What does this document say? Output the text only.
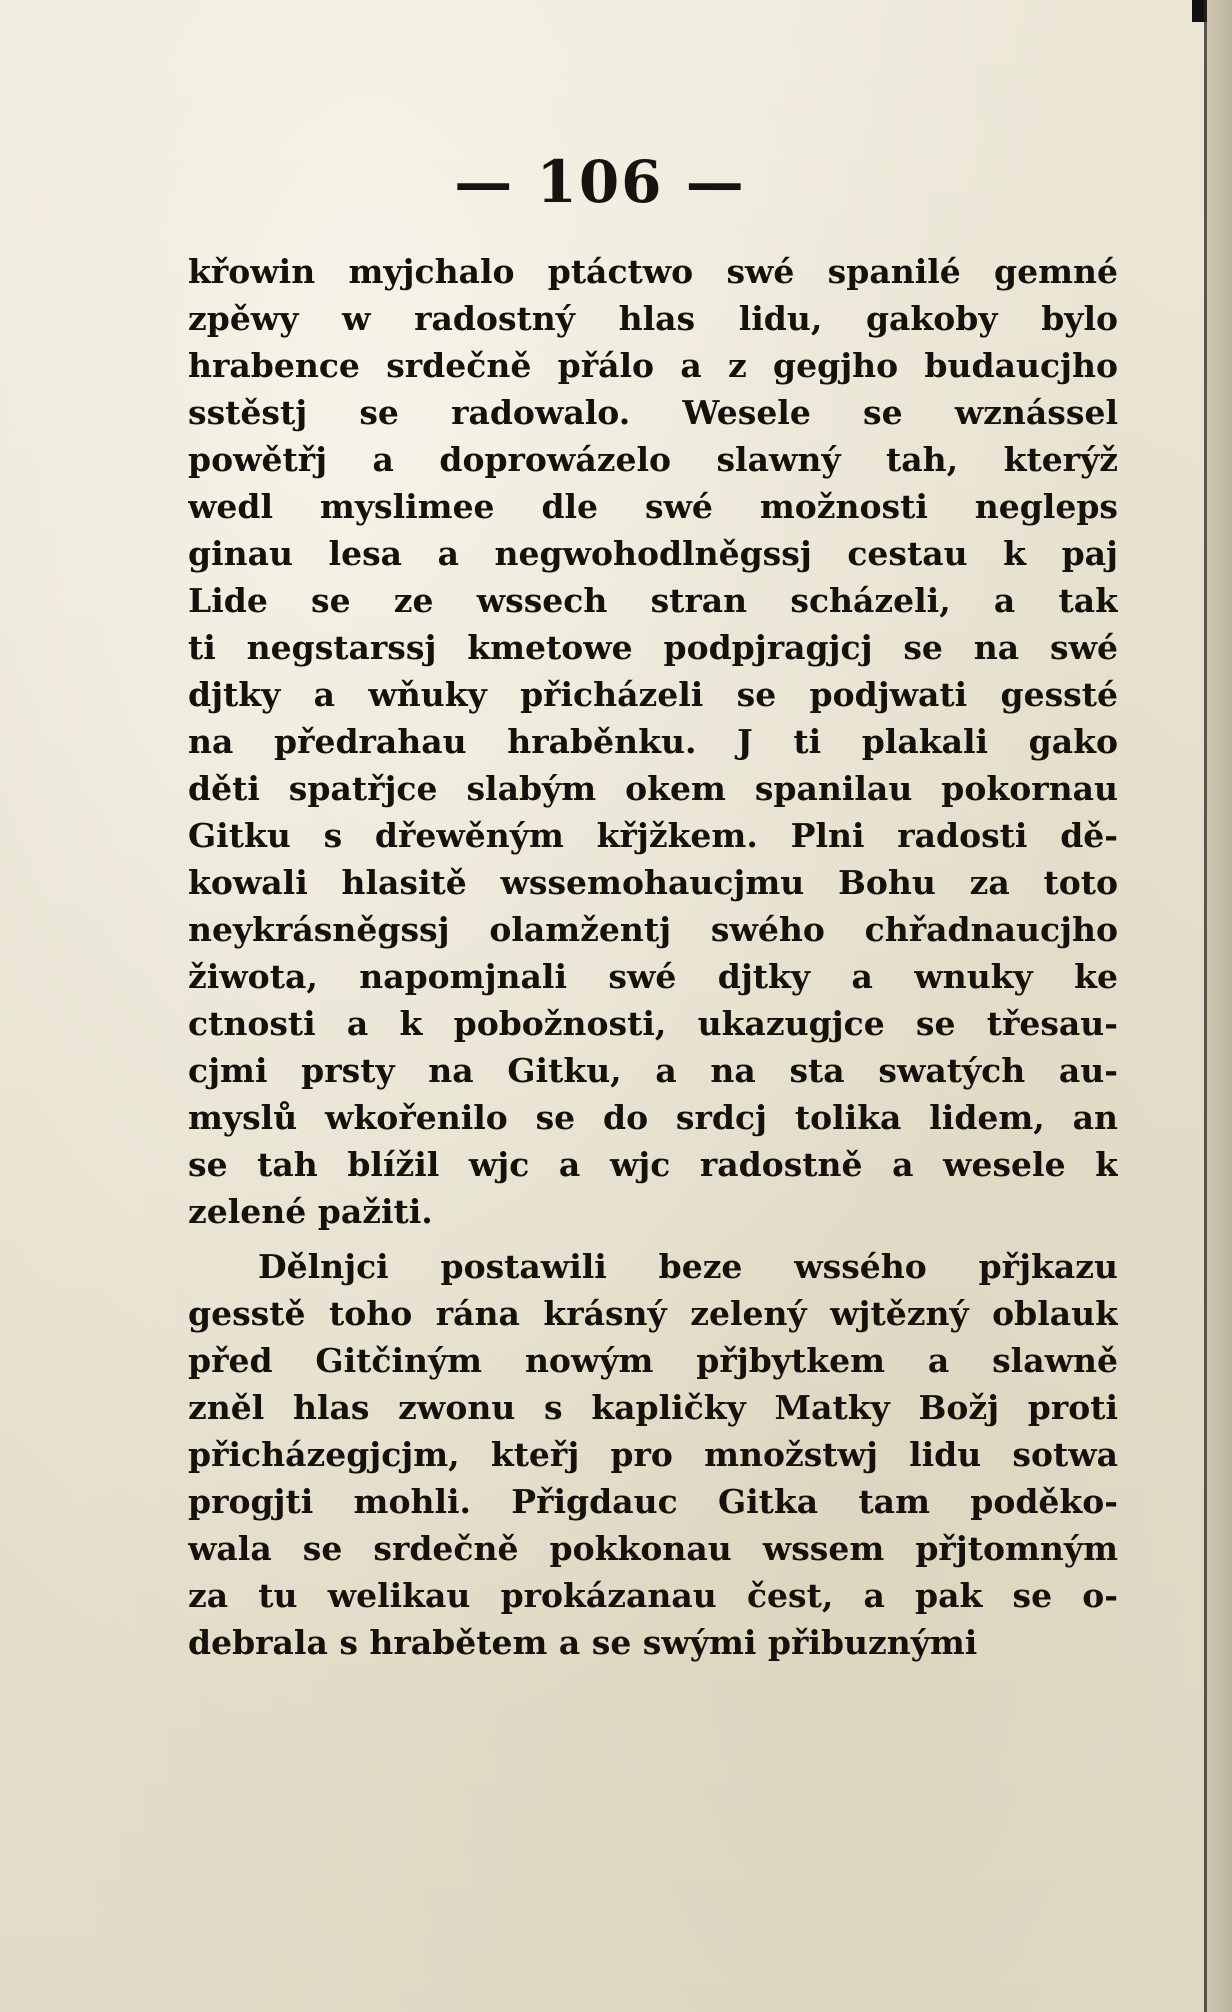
— 106 —
křowin myjchalo ptáctwo swé spanilé gemné
zpěwy w radostný hlas lidu, gakoby bylo
hrabence srdečně přálo a z gegjho budaucjho
sstěstj se radowalo. Wesele se wznássel
powětřj a doprowázelo slawný tah, kterýž
wedl myslimee dle swé možnosti negleps
ginau lesa a negwohodlněgssj cestau k paj
Lide se ze wssech stran scházeli, a tak
ti negstarssj kmetowe podpjragjcj se na swé
djtky a wňuky přicházeli se podjwati gessté
na předrahau hraběnku. J ti plakali gako
děti spatřjce slabým okem spanilau pokornau
Gitku s dřewěným křjžkem. Plni radosti dě-
kowali hlasitě wssemohaucjmu Bohu za toto
neykrásněgssj olamžentj swého chřadnaucjho
žiwota, napomjnali swé djtky a wnuky ke
ctnosti a k pobožnosti, ukazugjce se třesau-
cjmi prsty na Gitku, a na sta swatých au-
myslů wkořenilo se do srdcj tolika lidem, an
se tah blížil wjc a wjc radostně a wesele k
zelené pažiti.
Dělnjci postawili beze wssého přjkazu
gesstě toho rána krásný zelený wjtězný oblauk
před Gitčiným nowým přjbytkem a slawně
zněl hlas zwonu s kapličky Matky Božj proti
přicházegjcjm, kteřj pro množstwj lidu sotwa
progjti mohli. Přigdauc Gitka tam poděko-
wala se srdečně pokkonau wssem přjtomným
za tu welikau prokázanau čest, a pak se o-
debrala s hrabětem a se swými přibuznými
